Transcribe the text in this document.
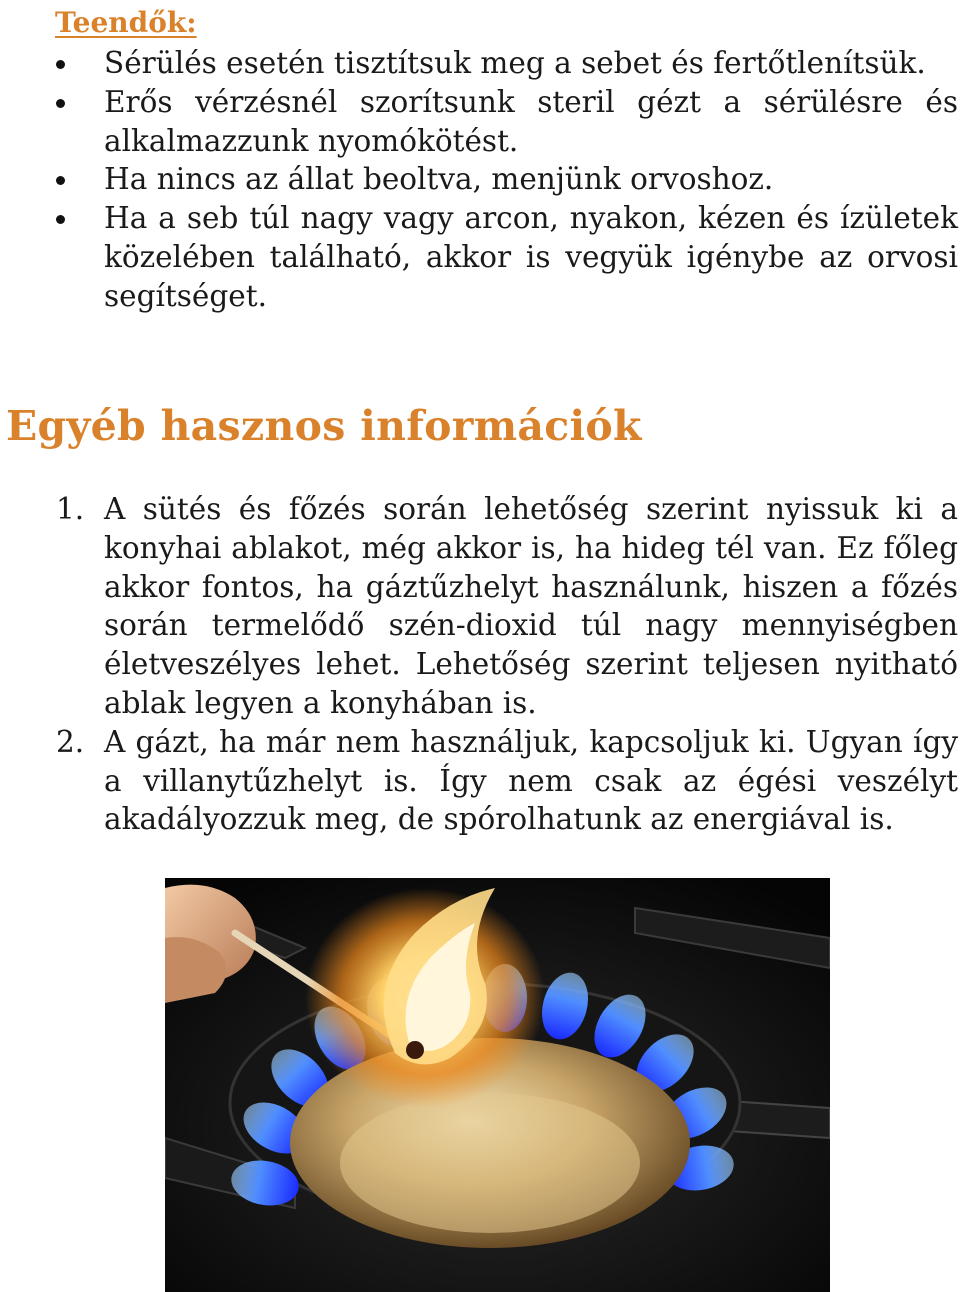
Teendők:
Sérülés esetén tisztítsuk meg a sebet és fertőtlenítsük.
Erős vérzésnél szorítsunk steril gézt a sérülésre és alkalmazzunk nyomókötést.
Ha nincs az állat beoltva, menjünk orvoshoz.
Ha a seb túl nagy vagy arcon, nyakon, kézen és ízületek közelében található, akkor is vegyük igénybe az orvosi segítséget.
Egyéb hasznos információk
1. A sütés és főzés során lehetőség szerint nyissuk ki a konyhai ablakot, még akkor is, ha hideg tél van. Ez főleg akkor fontos, ha gáztűzhelyt használunk, hiszen a főzés során termelődő szén-dioxid túl nagy mennyiségben életveszélyes lehet. Lehetőség szerint teljesen nyitható ablak legyen a konyhában is.
2. A gázt, ha már nem használjuk, kapcsoljuk ki. Ugyan így a villanytűzhelyt is. Így nem csak az égési veszélyt akadályozzuk meg, de spórolhatunk az energiával is.
